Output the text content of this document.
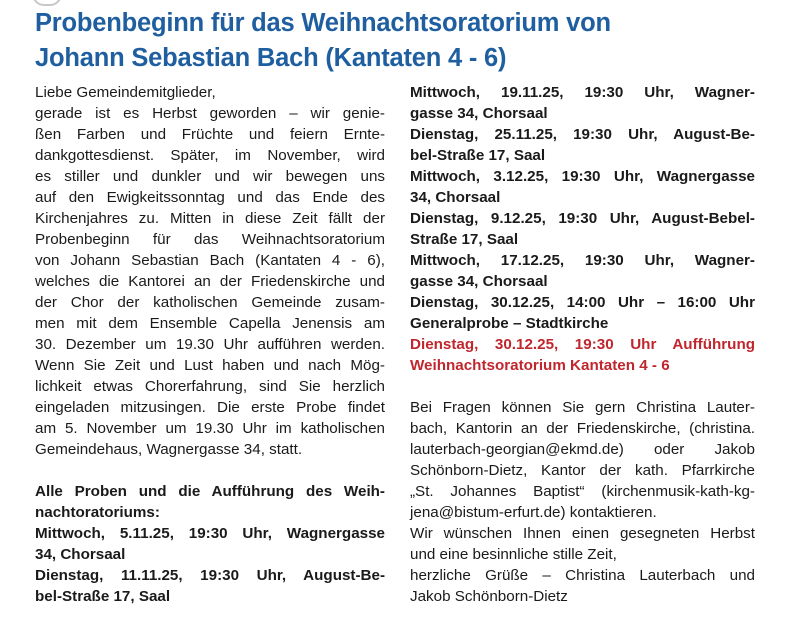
Probenbeginn für das Weihnachtsoratorium von
Johann Sebastian Bach (Kantaten 4 - 6)
Liebe Gemeindemitglieder,
gerade ist es Herbst geworden – wir genie-
ßen Farben und Früchte und feiern Ernte-
dankgottesdienst. Später, im November, wird
es stiller und dunkler und wir bewegen uns
auf den Ewigkeitssonntag und das Ende des
Kirchenjahres zu. Mitten in diese Zeit fällt der
Probenbeginn für das Weihnachtsoratorium
von Johann Sebastian Bach (Kantaten 4 - 6),
welches die Kantorei an der Friedenskirche und
der Chor der katholischen Gemeinde zusam-
men mit dem Ensemble Capella Jenensis am
30. Dezember um 19.30 Uhr aufführen werden.
Wenn Sie Zeit und Lust haben und nach Mög-
lichkeit etwas Chorerfahrung, sind Sie herzlich
eingeladen mitzusingen. Die erste Probe findet
am 5. November um 19.30 Uhr im katholischen
Gemeindehaus, Wagnergasse 34, statt.
Alle Proben und die Aufführung des Weih-
nachtoratoriums:
Mittwoch, 5.11.25, 19:30 Uhr, Wagnergasse
34, Chorsaal
Dienstag, 11.11.25, 19:30 Uhr, August-Be-
bel-Straße 17, Saal
Mittwoch, 19.11.25, 19:30 Uhr, Wagner-
gasse 34, Chorsaal
Dienstag, 25.11.25, 19:30 Uhr, August-Be-
bel-Straße 17, Saal
Mittwoch, 3.12.25, 19:30 Uhr, Wagnergasse
34, Chorsaal
Dienstag, 9.12.25, 19:30 Uhr, August-Bebel-
Straße 17, Saal
Mittwoch, 17.12.25, 19:30 Uhr, Wagner-
gasse 34, Chorsaal
Dienstag, 30.12.25, 14:00 Uhr – 16:00 Uhr
Generalprobe – Stadtkirche
Dienstag, 30.12.25, 19:30 Uhr Aufführung
Weihnachtsoratorium Kantaten 4 - 6
Bei Fragen können Sie gern Christina Lauter-
bach, Kantorin an der Friedenskirche, (christina.
lauterbach-georgian@ekmd.de) oder Jakob
Schönborn-Dietz, Kantor der kath. Pfarrkirche
„St. Johannes Baptist“ (kirchenmusik-kath-kg-
jena@bistum-erfurt.de) kontaktieren.
Wir wünschen Ihnen einen gesegneten Herbst
und eine besinnliche stille Zeit,
herzliche Grüße – Christina Lauterbach und
Jakob Schönborn-Dietz
